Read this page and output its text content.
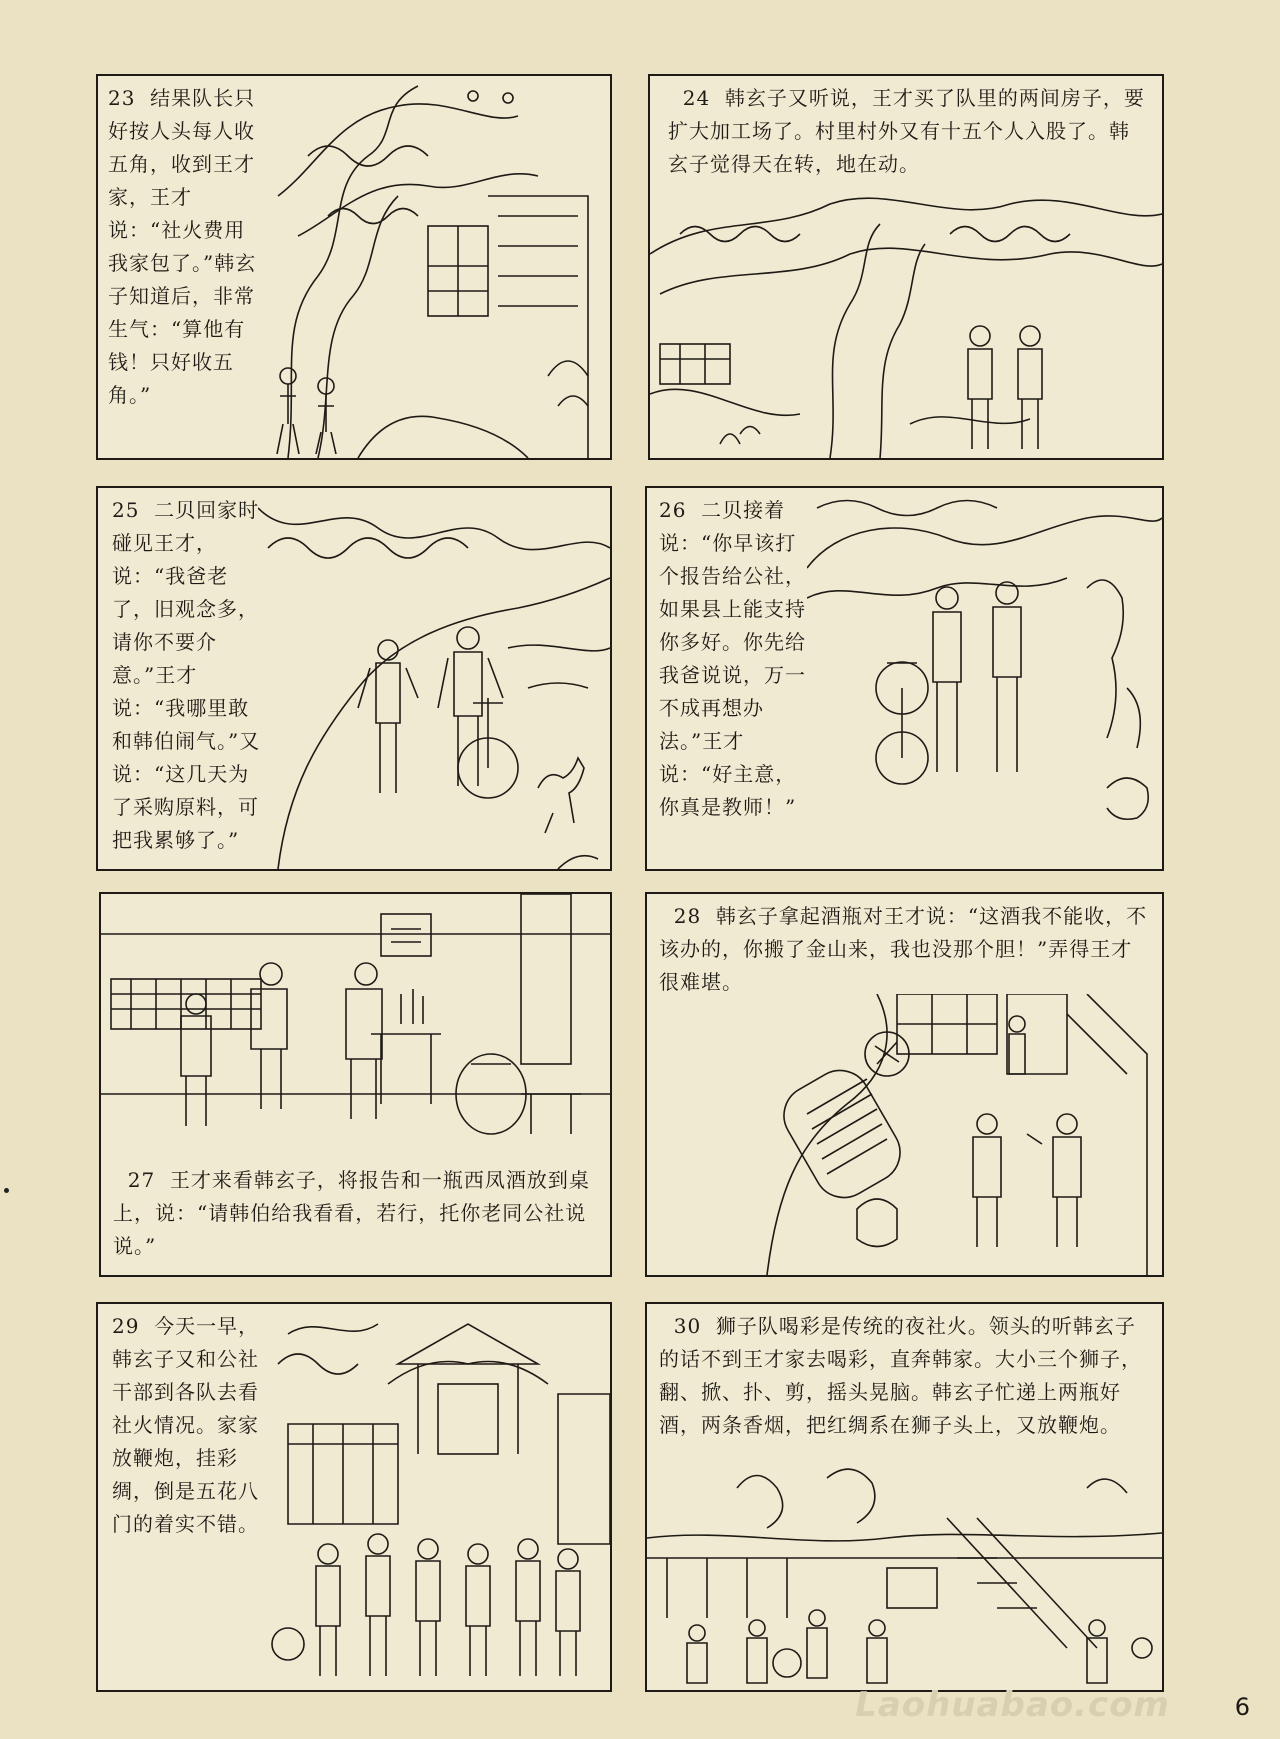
23 结果队长只好按人头每人收五角，收到王才家，王才说：“社火费用我家包了。”韩玄子知道后，非常生气：“算他有钱！只好收五角。”
24 韩玄子又听说，王才买了队里的两间房子，要扩大加工场了。村里村外又有十五个人入股了。韩玄子觉得天在转，地在动。
25 二贝回家时碰见王才，说：“我爸老了，旧观念多，请你不要介意。”王才说：“我哪里敢和韩伯闹气。”又说：“这几天为了采购原料，可把我累够了。”
26 二贝接着说：“你早该打个报告给公社，如果县上能支持你多好。你先给我爸说说，万一不成再想办法。”王才说：“好主意，你真是教师！”
27 王才来看韩玄子，将报告和一瓶西凤酒放到桌上，说：“请韩伯给我看看，若行，托你老同公社说说。”
28 韩玄子拿起酒瓶对王才说：“这酒我不能收，不该办的，你搬了金山来，我也没那个胆！”弄得王才很难堪。
29 今天一早，韩玄子又和公社干部到各队去看社火情况。家家放鞭炮，挂彩绸，倒是五花八门的着实不错。
30 狮子队喝彩是传统的夜社火。领头的听韩玄子的话不到王才家去喝彩，直奔韩家。大小三个狮子，翻、掀、扑、剪，摇头晃脑。韩玄子忙递上两瓶好酒，两条香烟，把红绸系在狮子头上，又放鞭炮。
Laohuabao.com	6
